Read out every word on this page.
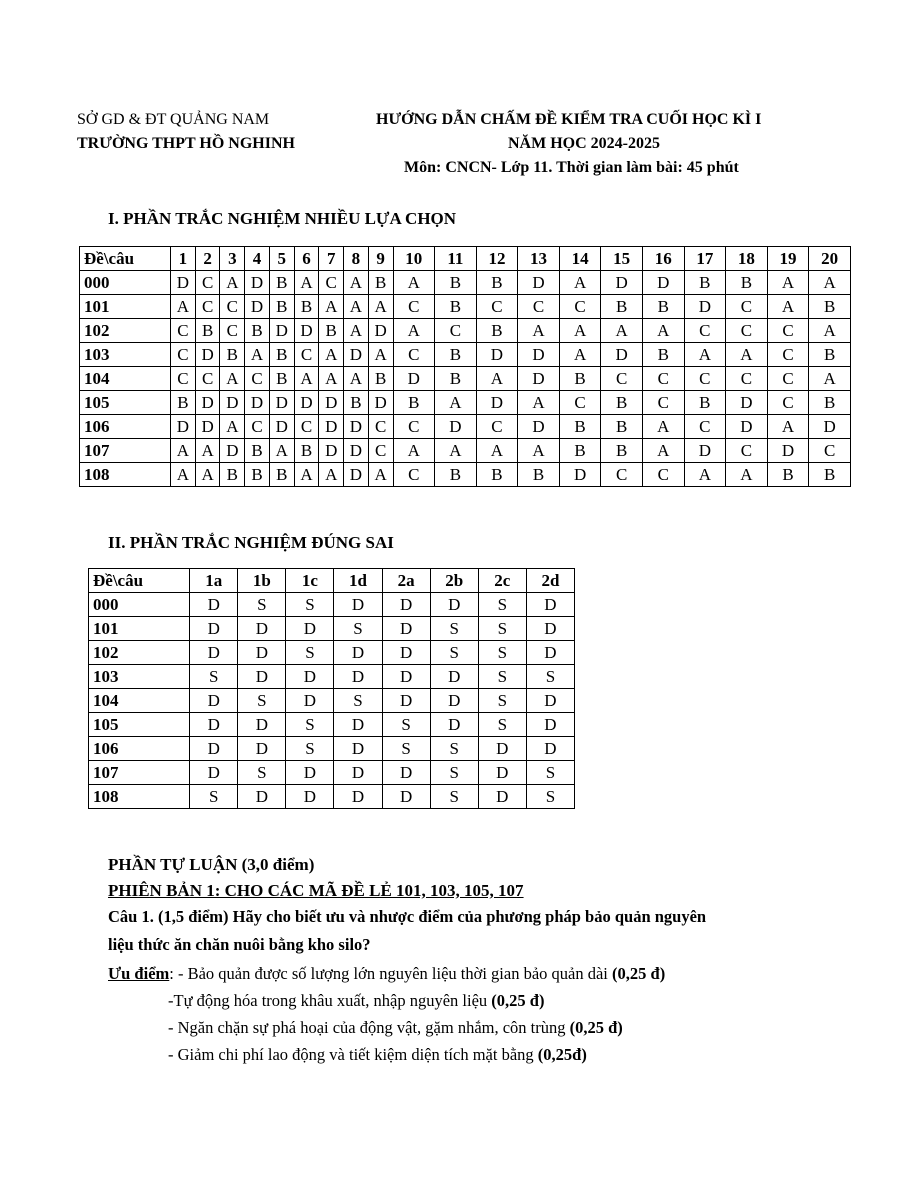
SỞ GD & ĐT QUẢNG NAM
TRƯỜNG THPT HỒ NGHINH
HƯỚNG DẪN CHẤM ĐỀ KIỂM TRA CUỐI HỌC KÌ I
NĂM HỌC 2024-2025
Môn: CNCN- Lớp 11. Thời gian làm bài: 45 phút
I. PHẦN TRẮC NGHIỆM NHIỀU LỰA CHỌN
Đề\câu	1	2	3	4	5	6	7	8	9	10	11	12	13	14	15	16	17	18	19	20
000	D	C	A	D	B	A	C	A	B	A	B	B	D	A	D	D	B	B	A	A
101	A	C	C	D	B	B	A	A	A	C	B	C	C	C	B	B	D	C	A	B
102	C	B	C	B	D	D	B	A	D	A	C	B	A	A	A	A	C	C	C	A
103	C	D	B	A	B	C	A	D	A	C	B	D	D	A	D	B	A	A	C	B
104	C	C	A	C	B	A	A	A	B	D	B	A	D	B	C	C	C	C	C	A
105	B	D	D	D	D	D	D	B	D	B	A	D	A	C	B	C	B	D	C	B
106	D	D	A	C	D	C	D	D	C	C	D	C	D	B	B	A	C	D	A	D
107	A	A	D	B	A	B	D	D	C	A	A	A	A	B	B	A	D	C	D	C
108	A	A	B	B	B	A	A	D	A	C	B	B	B	D	C	C	A	A	B	B
II. PHẦN TRẮC NGHIỆM ĐÚNG SAI
Đề\câu	1a	1b	1c	1d	2a	2b	2c	2d
000	D	S	S	D	D	D	S	D
101	D	D	D	S	D	S	S	D
102	D	D	S	D	D	S	S	D
103	S	D	D	D	D	D	S	S
104	D	S	D	S	D	D	S	D
105	D	D	S	D	S	D	S	D
106	D	D	S	D	S	S	D	D
107	D	S	D	D	D	S	D	S
108	S	D	D	D	D	S	D	S
PHẦN TỰ LUẬN (3,0 điểm)
PHIÊN BẢN 1: CHO CÁC MÃ ĐỀ LẺ 101, 103, 105, 107
Câu 1. (1,5 điểm) Hãy cho biết ưu và nhược điểm của phương pháp bảo quản nguyên
liệu thức ăn chăn nuôi bằng kho silo?
Ưu điểm: - Bảo quản được số lượng lớn nguyên liệu thời gian bảo quản dài (0,25 đ)
-Tự động hóa trong khâu xuất, nhập nguyên liệu (0,25 đ)
- Ngăn chặn sự phá hoại của động vật, gặm nhắm, côn trùng (0,25 đ)
- Giảm chi phí lao động và tiết kiệm diện tích mặt bằng (0,25đ)
